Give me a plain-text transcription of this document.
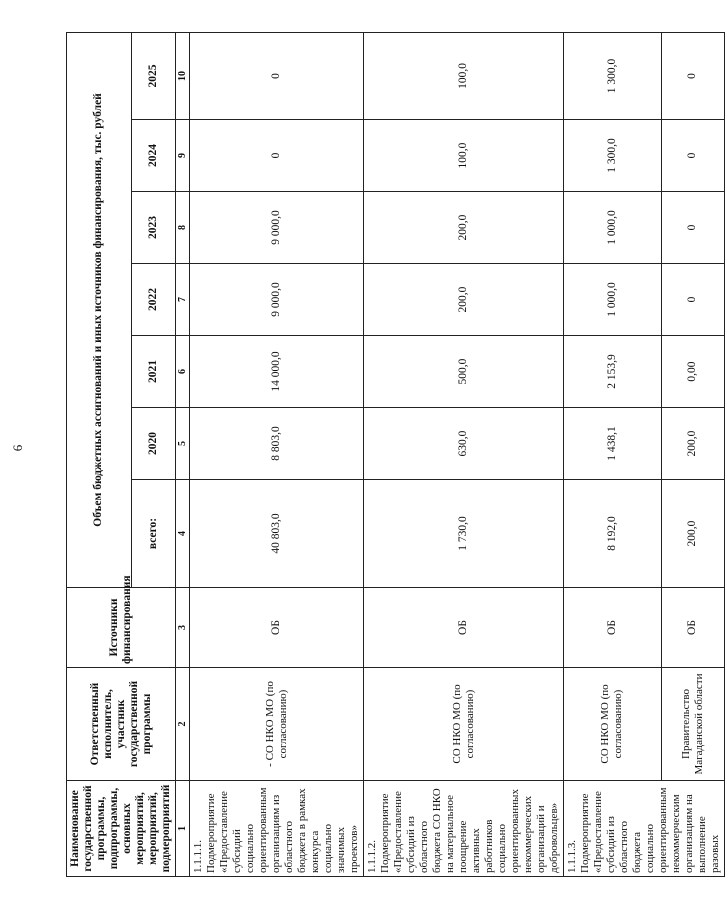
6
Наименование государственной программы, подпрограммы, основных мероприятий, мероприятий, подмероприятий	Ответственный исполнитель, участник государственной программы	Источники финансирования	Объем бюджетных ассигнований и иных источников финансирования, тыс. рублей						
			всего:	2020	2021	2022	2023	2024	2025
1	2	3	4	5	6	7	8	9	10
1.1.1.1. Подмероприятие «Предоставление субсидий социально ориентированным организациям из областного бюджета в рамках конкурса социально значимых проектов»	- СО НКО МО (по согласованию)	ОБ	40 803,0	8 803,0	14 000,0	9 000,0	9 000,0	0	0
1.1.1.2. Подмероприятие «Предоставление субсидий из областного бюджета СО НКО на материальное поощрение активных работников социально ориентированных некоммерческих организаций и добровольцев»	СО НКО МО (по согласованию)	ОБ	1 730,0	630,0	500,0	200,0	200,0	100,0	100,0
1.1.1.3. Подмероприятие «Предоставление субсидий из областного бюджета социально ориентированным некоммерческим организациям на выполнение разовых	СО НКО МО (по согласованию)	ОБ	8 192,0	1 438,1	2 153,9	1 000,0	1 000,0	1 300,0	1 300,0
	Правительство Магаданской области	ОБ	200,0	200,0	0,00	0	0	0	0
